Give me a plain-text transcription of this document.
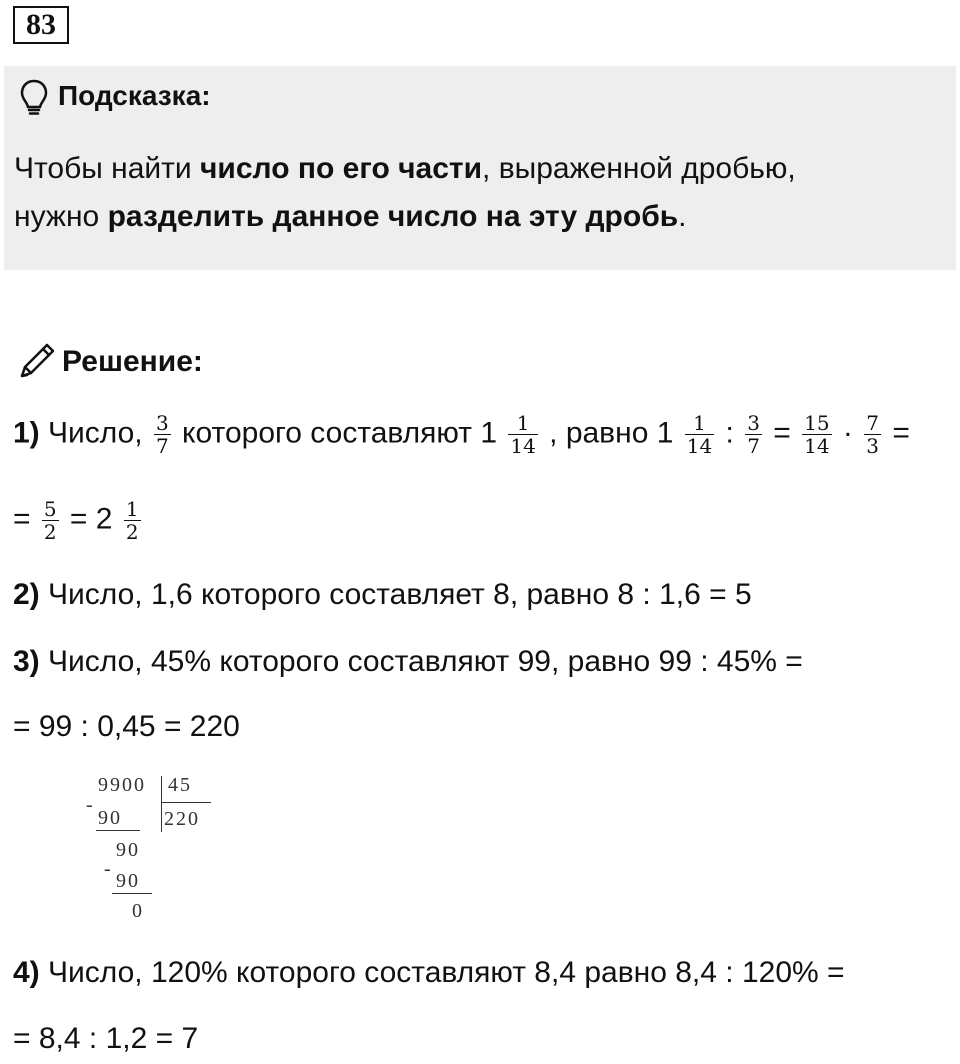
83
Подсказка:
Чтобы найти число по его части, выраженной дробью,
нужно разделить данное число на эту дробь.
Решение:
1) Число, $\frac{3}{7}$ которого составляют $1 \frac{1}{14}$ , равно $1 \frac{1}{14}$ : $\frac{3}{7} = \frac{15}{14} \cdot \frac{7}{3}$ =
= $\frac{5}{2} = 2 \frac{1}{2}$
2) Число, 1,6 которого составляет 8, равно 8 : 1,6 = 5
3) Число, 45% которого составляют 99, равно 99 : 45% =
= 99 : 0,45 = 220
9900 45
220
-
90
90
-
90
0
4) Число, 120% которого составляют 8,4 равно 8,4 : 120% =
= 8,4 : 1,2 = 7
